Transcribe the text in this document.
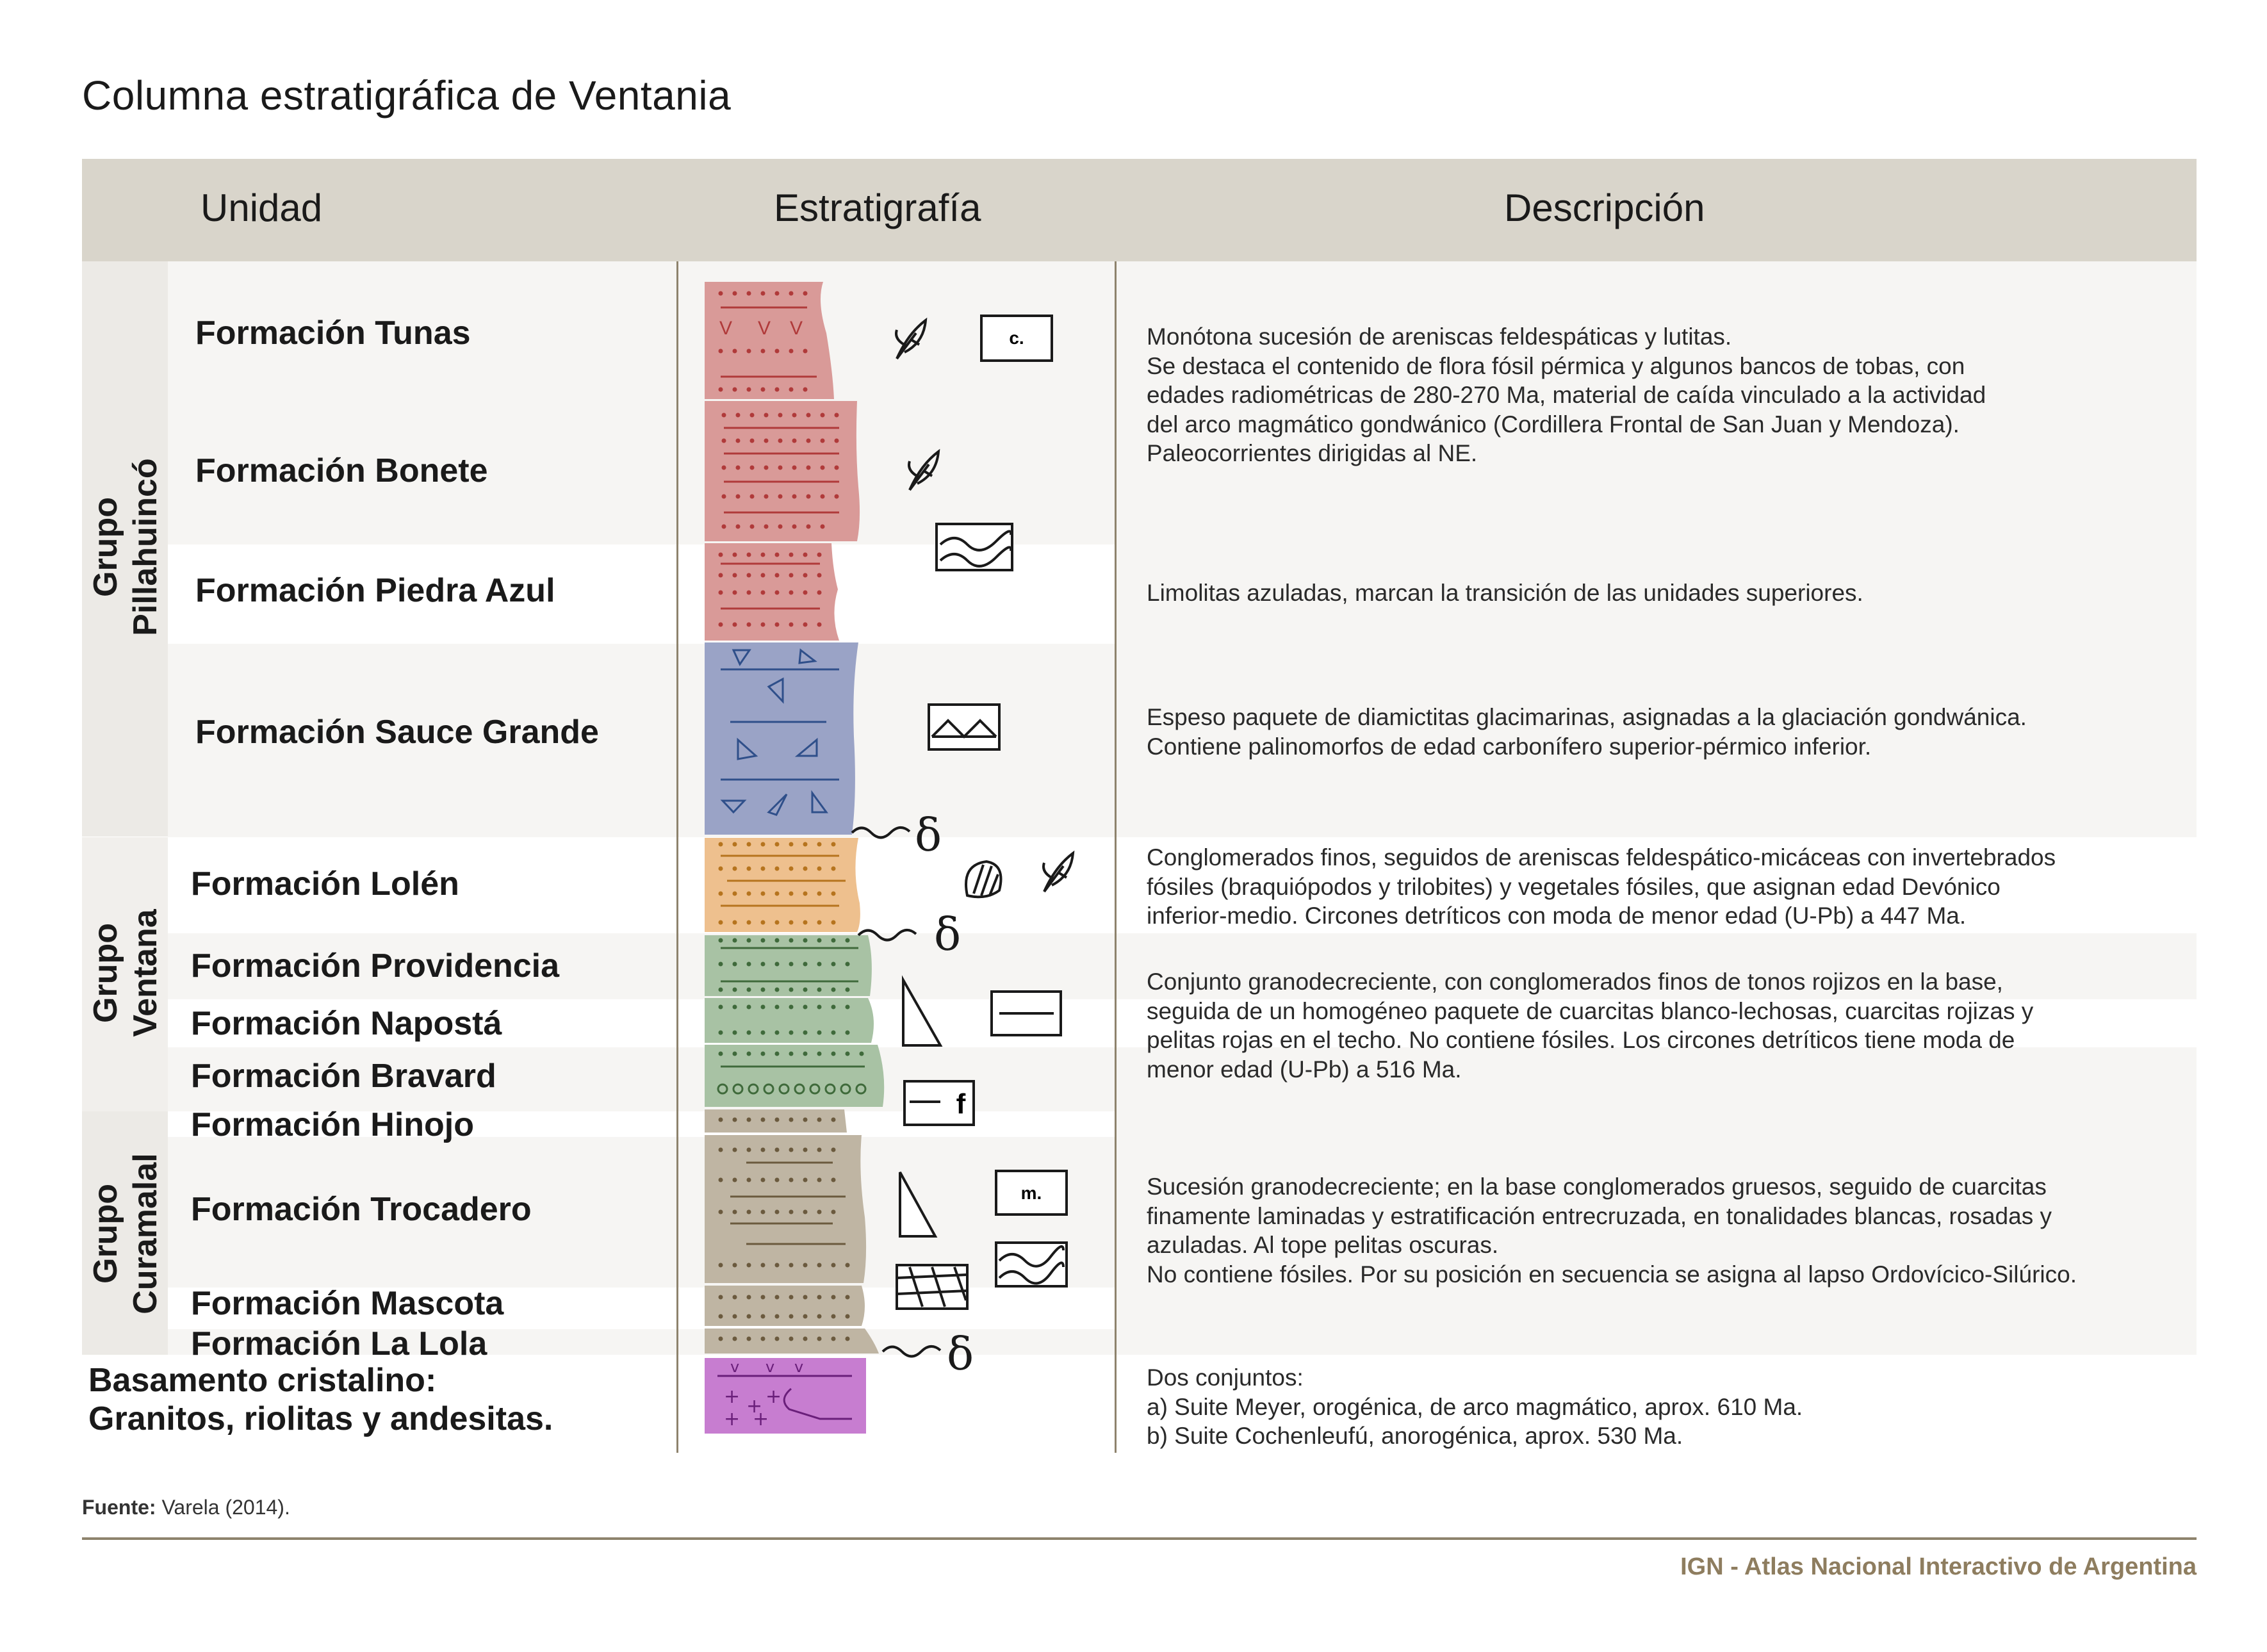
Columna estratigráfica de Ventania
Unidad	Estratigrafía	Descripción
Grupo Pillahuincó
Grupo Ventana
Grupo Curamalal
Formación Tunas
Formación Bonete
Formación Piedra Azul
Formación Sauce Grande
Formación Lolén
Formación Providencia
Formación Napostá
Formación Bravard
Formación Hinojo
Formación Trocadero
Formación Mascota
Formación La Lola
Basamento cristalino:
Granitos, riolitas y andesitas.
Monótona sucesión de areniscas feldespáticas y lutitas.
Se destaca el contenido de flora fósil pérmica y algunos bancos de tobas, con
edades radiométricas de 280-270 Ma, material de caída vinculado a la actividad
del arco magmático gondwánico (Cordillera Frontal de San Juan y Mendoza).
Paleocorrientes dirigidas al NE.
Limolitas azuladas, marcan la transición de las unidades superiores.
Espeso paquete de diamictitas glacimarinas, asignadas a la glaciación gondwánica.
Contiene palinomorfos de edad carbonífero superior-pérmico inferior.
Conglomerados finos, seguidos de areniscas feldespático-micáceas con invertebrados
fósiles (braquiópodos y trilobites) y vegetales fósiles, que asignan edad Devónico
inferior-medio. Circones detríticos con moda de menor edad (U-Pb) a 447 Ma.
Conjunto granodecreciente, con conglomerados finos de tonos rojizos en la base,
seguida de un homogéneo paquete de cuarcitas blanco-lechosas, cuarcitas rojizas y
pelitas rojas en el techo. No contiene fósiles. Los circones detríticos tiene moda de
menor edad (U-Pb) a 516 Ma.
Sucesión granodecreciente; en la base conglomerados gruesos, seguido de cuarcitas
finamente laminadas y estratificación entrecruzada, en tonalidades blancas, rosadas y
azuladas. Al tope pelitas oscuras.
No contiene fósiles. Por su posición en secuencia se asigna al lapso Ordovícico-Silúrico.
Dos conjuntos:
a) Suite Meyer, orogénica, de arco magmático, aprox. 610 Ma.
b) Suite Cochenleufú, anorogénica, aprox. 530 Ma.
V V V
+ + +
+ +
v v v
δ
δ
δ
c.
f
m.
Fuente: Varela (2014).
IGN - Atlas Nacional Interactivo de Argentina
